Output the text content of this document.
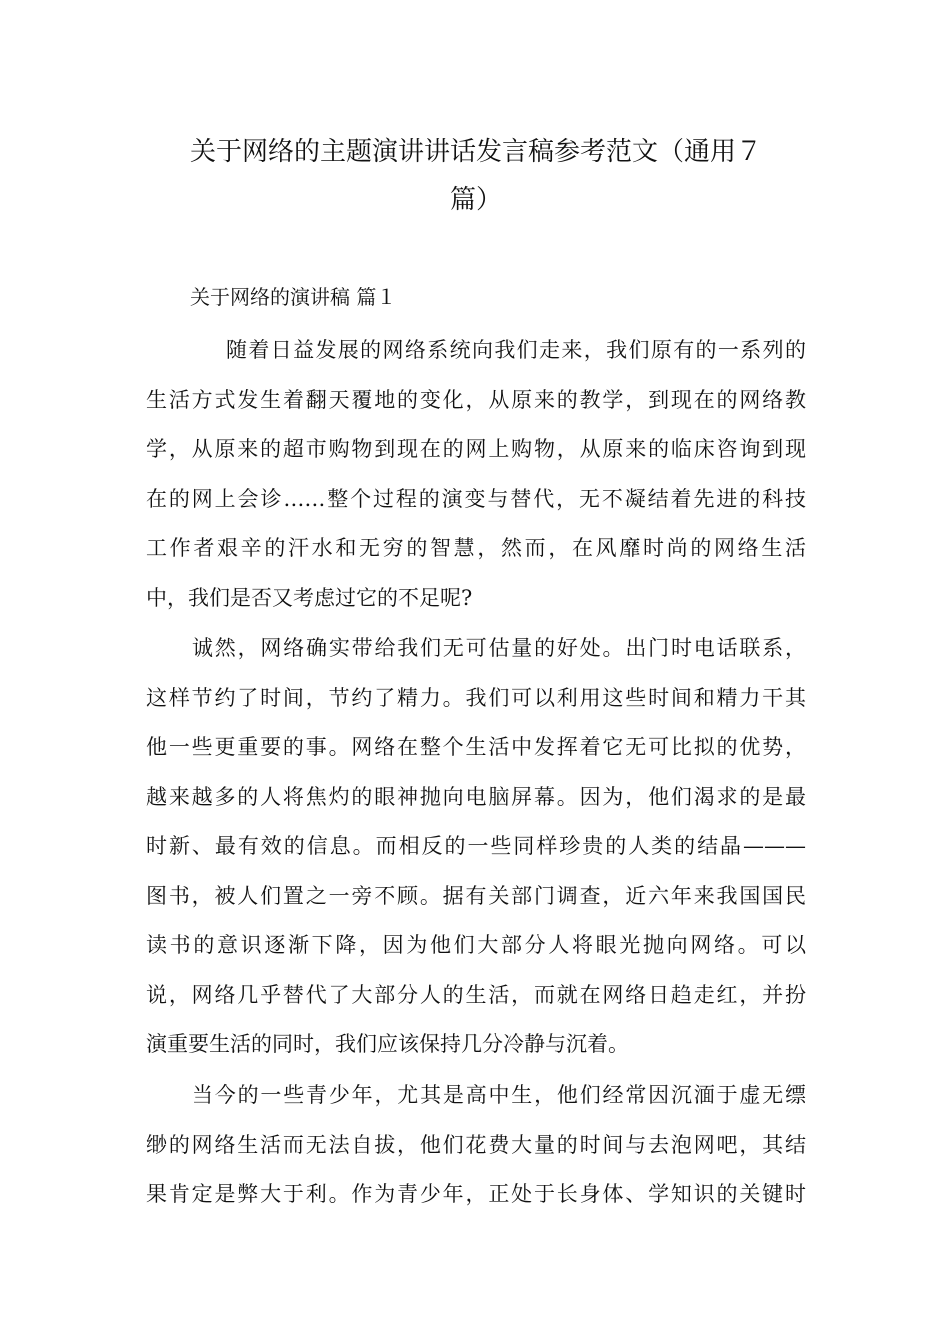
关于网络的主题演讲讲话发言稿参考范文（通用７
篇）
关于网络的演讲稿 篇１
随着日益发展的网络系统向我们走来，我们原有的一系列的
生活方式发生着翻天覆地的变化，从原来的教学，到现在的网络教
学，从原来的超市购物到现在的网上购物，从原来的临床咨询到现
在的网上会诊……整个过程的演变与替代，无不凝结着先进的科技
工作者艰辛的汗水和无穷的智慧，然而，在风靡时尚的网络生活
中，我们是否又考虑过它的不足呢?
诚然，网络确实带给我们无可估量的好处。出门时电话联系，
这样节约了时间，节约了精力。我们可以利用这些时间和精力干其
他一些更重要的事。网络在整个生活中发挥着它无可比拟的优势，
越来越多的人将焦灼的眼神抛向电脑屏幕。因为，他们渴求的是最
时新、最有效的信息。而相反的一些同样珍贵的人类的结晶———
图书，被人们置之一旁不顾。据有关部门调查，近六年来我国国民
读书的意识逐渐下降，因为他们大部分人将眼光抛向网络。可以
说，网络几乎替代了大部分人的生活，而就在网络日趋走红，并扮
演重要生活的同时，我们应该保持几分冷静与沉着。
当今的一些青少年，尤其是高中生，他们经常因沉湎于虚无缥
缈的网络生活而无法自拔，他们花费大量的时间与去泡网吧，其结
果肯定是弊大于利。作为青少年，正处于长身体、学知识的关键时
